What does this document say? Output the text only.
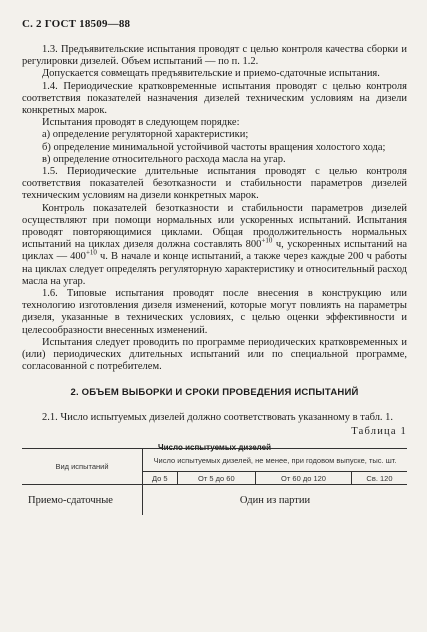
С. 2 ГОСТ 18509—88

1.3. Предъявительские испытания проводят с целью контроля качества сборки и регулировки дизелей. Объем испытаний — по п. 1.2.

Допускается совмещать предъявительские и приемо-сдаточные испытания.

1.4. Периодические кратковременные испытания проводят с целью контроля соответствия показателей назначения дизелей техническим условиям на дизели конкретных марок.

Испытания проводят в следующем порядке:

а) определение регуляторной характеристики;

б) определение минимальной устойчивой частоты вращения холостого хода;

в) определение относительного расхода масла на угар.

1.5. Периодические длительные испытания проводят с целью контроля соответствия показателей безотказности и стабильности параметров дизелей техническим условиям на дизели конкретных марок.

Контроль показателей безотказности и стабильности параметров дизелей осуществляют при помощи нормальных или ускоренных испытаний. Испытания проводят повторяющимися циклами. Общая продолжительность нормальных испытаний на циклах дизеля должна составлять $800^{+10}$ ч, ускоренных испытаний на циклах — $400^{+10}$ ч. В начале и конце испытаний, а также через каждые 200 ч работы на циклах следует определять регуляторную характеристику и относительный расход масла на угар.

1.6. Типовые испытания проводят после внесения в конструкцию или технологию изготовления дизеля изменений, которые могут повлиять на параметры дизеля, указанные в технических условиях, с целью оценки эффективности и целесообразности внесенных изменений.

Испытания следует проводить по программе периодических кратковременных и (или) периодических длительных испытаний или по специальной программе, согласованной с потребителем.

2. ОБЪЕМ ВЫБОРКИ И СРОКИ ПРОВЕДЕНИЯ ИСПЫТАНИЙ

2.1. Число испытуемых дизелей должно соответствовать указанному в табл. 1.

Таблица 1

Число испытуемых дизелей

Вид испытаний	Число испытуемых дизелей, не менее, при годовом выпуске, тыс. шт.			
	До 5	От 5 до 60	От 60 до 120	Св. 120
Приемо-сдаточные	Один из партии			
